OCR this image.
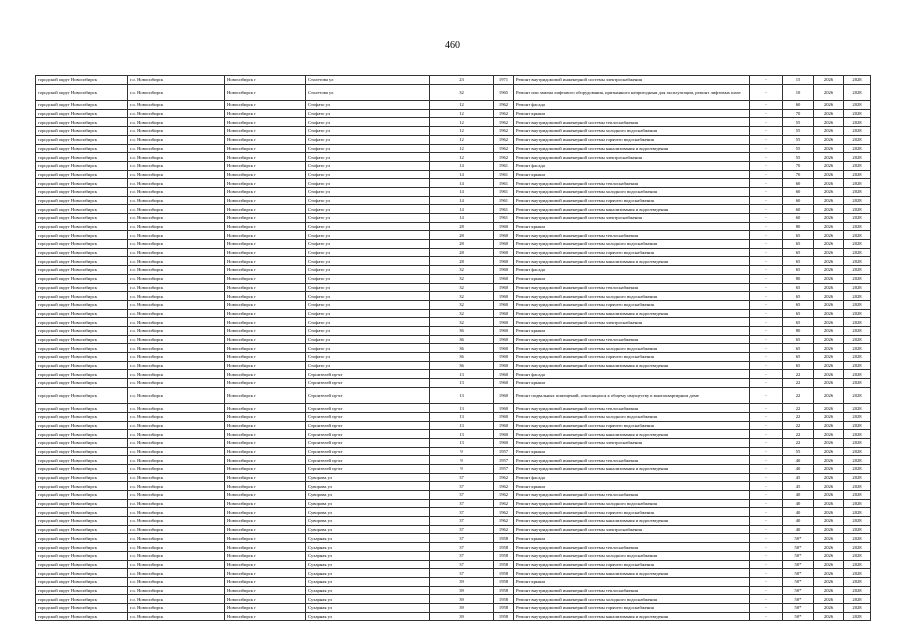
460
городской округ Новосибирск	г.о. Новосибирск	Новосибирск г	Столетова ул	23	1971	Ремонт внутридомовой инженерной системы электроснабжения	-	15	2026	2028
городской округ Новосибирск	г.о. Новосибирск	Новосибирск г	Столетова ул	32	1965	Ремонт или замена лифтового оборудования, признанного непригодным для эксплуатации, ремонт лифтовых шахт	-	10	2026	2028
городской округ Новосибирск	г.о. Новосибирск	Новосибирск г	Стофато ул	12	1962	Ремонт фасада	-	60	2026	2028
городской округ Новосибирск	г.о. Новосибирск	Новосибирск г	Стофато ул	12	1962	Ремонт крыши	-	70	2026	2028
городской округ Новосибирск	г.о. Новосибирск	Новосибирск г	Стофато ул	12	1962	Ремонт внутридомовой инженерной системы теплоснабжения	-	55	2026	2028
городской округ Новосибирск	г.о. Новосибирск	Новосибирск г	Стофато ул	12	1962	Ремонт внутридомовой инженерной системы холодного водоснабжения	-	55	2026	2028
городской округ Новосибирск	г.о. Новосибирск	Новосибирск г	Стофато ул	12	1962	Ремонт внутридомовой инженерной системы горячего водоснабжения	-	55	2026	2028
городской округ Новосибирск	г.о. Новосибирск	Новосибирск г	Стофато ул	12	1962	Ремонт внутридомовой инженерной системы канализования и водоотведения	-	55	2026	2028
городской округ Новосибирск	г.о. Новосибирск	Новосибирск г	Стофато ул	12	1962	Ремонт внутридомовой инженерной системы электроснабжения	-	55	2026	2028
городской округ Новосибирск	г.о. Новосибирск	Новосибирск г	Стофато ул	14	1961	Ремонт фасада	-	70	2026	2028
городской округ Новосибирск	г.о. Новосибирск	Новосибирск г	Стофато ул	14	1961	Ремонт крыши	-	70	2026	2028
городской округ Новосибирск	г.о. Новосибирск	Новосибирск г	Стофато ул	14	1961	Ремонт внутридомовой инженерной системы теплоснабжения	-	60	2026	2028
городской округ Новосибирск	г.о. Новосибирск	Новосибирск г	Стофато ул	14	1961	Ремонт внутридомовой инженерной системы холодного водоснабжения	-	60	2026	2028
городской округ Новосибирск	г.о. Новосибирск	Новосибирск г	Стофато ул	14	1961	Ремонт внутридомовой инженерной системы горячего водоснабжения	-	60	2026	2028
городской округ Новосибирск	г.о. Новосибирск	Новосибирск г	Стофато ул	14	1961	Ремонт внутридомовой инженерной системы канализования и водоотведения	-	60	2026	2028
городской округ Новосибирск	г.о. Новосибирск	Новосибирск г	Стофато ул	14	1961	Ремонт внутридомовой инженерной системы электроснабжения	-	60	2026	2028
городской округ Новосибирск	г.о. Новосибирск	Новосибирск г	Стофато ул	28	1960	Ремонт крыши	-	80	2026	2028
городской округ Новосибирск	г.о. Новосибирск	Новосибирск г	Стофато ул	28	1960	Ремонт внутридомовой инженерной системы теплоснабжения	-	65	2026	2028
городской округ Новосибирск	г.о. Новосибирск	Новосибирск г	Стофато ул	28	1960	Ремонт внутридомовой инженерной системы холодного водоснабжения	-	65	2026	2028
городской округ Новосибирск	г.о. Новосибирск	Новосибирск г	Стофато ул	28	1960	Ремонт внутридомовой инженерной системы горячего водоснабжения	-	65	2026	2028
городской округ Новосибирск	г.о. Новосибирск	Новосибирск г	Стофато ул	28	1960	Ремонт внутридомовой инженерной системы канализования и водоотведения	-	65	2026	2028
городской округ Новосибирск	г.о. Новосибирск	Новосибирск г	Стофато ул	32	1960	Ремонт фасада	-	65	2026	2028
городской округ Новосибирск	г.о. Новосибирск	Новосибирск г	Стофато ул	32	1960	Ремонт крыши	-	80	2026	2028
городской округ Новосибирск	г.о. Новосибирск	Новосибирск г	Стофато ул	32	1960	Ремонт внутридомовой инженерной системы теплоснабжения	-	65	2026	2028
городской округ Новосибирск	г.о. Новосибирск	Новосибирск г	Стофато ул	32	1960	Ремонт внутридомовой инженерной системы холодного водоснабжения	-	65	2026	2028
городской округ Новосибирск	г.о. Новосибирск	Новосибирск г	Стофато ул	32	1960	Ремонт внутридомовой инженерной системы горячего водоснабжения	-	65	2026	2028
городской округ Новосибирск	г.о. Новосибирск	Новосибирск г	Стофато ул	32	1960	Ремонт внутридомовой инженерной системы канализования и водоотведения	-	65	2026	2028
городской округ Новосибирск	г.о. Новосибирск	Новосибирск г	Стофато ул	32	1960	Ремонт внутридомовой инженерной системы электроснабжения	-	65	2026	2028
городской округ Новосибирск	г.о. Новосибирск	Новосибирск г	Стофато ул	36	1960	Ремонт крыши	-	80	2026	2028
городской округ Новосибирск	г.о. Новосибирск	Новосибирск г	Стофато ул	36	1960	Ремонт внутридомовой инженерной системы теплоснабжения	-	65	2026	2028
городской округ Новосибирск	г.о. Новосибирск	Новосибирск г	Стофато ул	36	1960	Ремонт внутридомовой инженерной системы холодного водоснабжения	-	65	2026	2028
городской округ Новосибирск	г.о. Новосибирск	Новосибирск г	Стофато ул	36	1960	Ремонт внутридомовой инженерной системы горячего водоснабжения	-	65	2026	2028
городской округ Новосибирск	г.о. Новосибирск	Новосибирск г	Стофато ул	36	1960	Ремонт внутридомовой инженерной системы канализования и водоотведения	-	65	2026	2028
городской округ Новосибирск	г.о. Новосибирск	Новосибирск г	Строителей пр-кт	13	1960	Ремонт фасада	-	22	2026	2028
городской округ Новосибирск	г.о. Новосибирск	Новосибирск г	Строителей пр-кт	13	1960	Ремонт крыши	-	22	2026	2028
городской округ Новосибирск	г.о. Новосибирск	Новосибирск г	Строителей пр-кт	13	1960	Ремонт подвальных помещений, относящихся к общему имуществу в многоквартирном доме	-	22	2026	2028
городской округ Новосибирск	г.о. Новосибирск	Новосибирск г	Строителей пр-кт	13	1960	Ремонт внутридомовой инженерной системы теплоснабжения	-	22	2026	2028
городской округ Новосибирск	г.о. Новосибирск	Новосибирск г	Строителей пр-кт	13	1960	Ремонт внутридомовой инженерной системы холодного водоснабжения	-	22	2026	2028
городской округ Новосибирск	г.о. Новосибирск	Новосибирск г	Строителей пр-кт	13	1960	Ремонт внутридомовой инженерной системы горячего водоснабжения	-	22	2026	2028
городской округ Новосибирск	г.о. Новосибирск	Новосибирск г	Строителей пр-кт	13	1960	Ремонт внутридомовой инженерной системы канализования и водоотведения	-	22	2026	2028
городской округ Новосибирск	г.о. Новосибирск	Новосибирск г	Строителей пр-кт	13	1960	Ремонт внутридомовой инженерной системы электроснабжения	-	22	2026	2028
городской округ Новосибирск	г.о. Новосибирск	Новосибирск г	Строителей пр-кт	9	1957	Ремонт крыши	-	55	2026	2028
городской округ Новосибирск	г.о. Новосибирск	Новосибирск г	Строителей пр-кт	9	1957	Ремонт внутридомовой инженерной системы теплоснабжения	-	40	2026	2028
городской округ Новосибирск	г.о. Новосибирск	Новосибирск г	Строителей пр-кт	9	1957	Ремонт внутридомовой инженерной системы канализования и водоотведения	-	40	2026	2028
городской округ Новосибирск	г.о. Новосибирск	Новосибирск г	Суворова ул	37	1962	Ремонт фасада	-	45	2026	2028
городской округ Новосибирск	г.о. Новосибирск	Новосибирск г	Суворова ул	37	1962	Ремонт крыши	-	45	2026	2028
городской округ Новосибирск	г.о. Новосибирск	Новосибирск г	Суворова ул	37	1962	Ремонт внутридомовой инженерной системы теплоснабжения	-	40	2026	2028
городской округ Новосибирск	г.о. Новосибирск	Новосибирск г	Суворова ул	37	1962	Ремонт внутридомовой инженерной системы холодного водоснабжения	-	40	2026	2028
городской округ Новосибирск	г.о. Новосибирск	Новосибирск г	Суворова ул	37	1962	Ремонт внутридомовой инженерной системы горячего водоснабжения	-	40	2026	2028
городской округ Новосибирск	г.о. Новосибирск	Новосибирск г	Суворова ул	37	1962	Ремонт внутридомовой инженерной системы канализования и водоотведения	-	40	2026	2028
городской округ Новосибирск	г.о. Новосибирск	Новосибирск г	Суворова ул	37	1962	Ремонт внутридомовой инженерной системы электроснабжения	-	40	2026	2028
городской округ Новосибирск	г.о. Новосибирск	Новосибирск г	Сухарная ул	37	1958	Ремонт крыши	-	50*	2026	2028
городской округ Новосибирск	г.о. Новосибирск	Новосибирск г	Сухарная ул	37	1958	Ремонт внутридомовой инженерной системы теплоснабжения	-	50*	2026	2028
городской округ Новосибирск	г.о. Новосибирск	Новосибирск г	Сухарная ул	37	1958	Ремонт внутридомовой инженерной системы холодного водоснабжения	-	50*	2026	2028
городской округ Новосибирск	г.о. Новосибирск	Новосибирск г	Сухарная ул	37	1958	Ремонт внутридомовой инженерной системы горячего водоснабжения	-	50*	2026	2028
городской округ Новосибирск	г.о. Новосибирск	Новосибирск г	Сухарная ул	37	1958	Ремонт внутридомовой инженерной системы канализования и водоотведения	-	50*	2026	2028
городской округ Новосибирск	г.о. Новосибирск	Новосибирск г	Сухарная ул	39	1958	Ремонт крыши	-	50*	2026	2028
городской округ Новосибирск	г.о. Новосибирск	Новосибирск г	Сухарная ул	39	1958	Ремонт внутридомовой инженерной системы теплоснабжения	-	50*	2026	2028
городской округ Новосибирск	г.о. Новосибирск	Новосибирск г	Сухарная ул	39	1958	Ремонт внутридомовой инженерной системы холодного водоснабжения	-	50*	2026	2028
городской округ Новосибирск	г.о. Новосибирск	Новосибирск г	Сухарная ул	39	1958	Ремонт внутридомовой инженерной системы горячего водоснабжения	-	50*	2026	2028
городской округ Новосибирск	г.о. Новосибирск	Новосибирск г	Сухарная ул	39	1958	Ремонт внутридомовой инженерной системы канализования и водоотведения	-	50*	2026	2028
